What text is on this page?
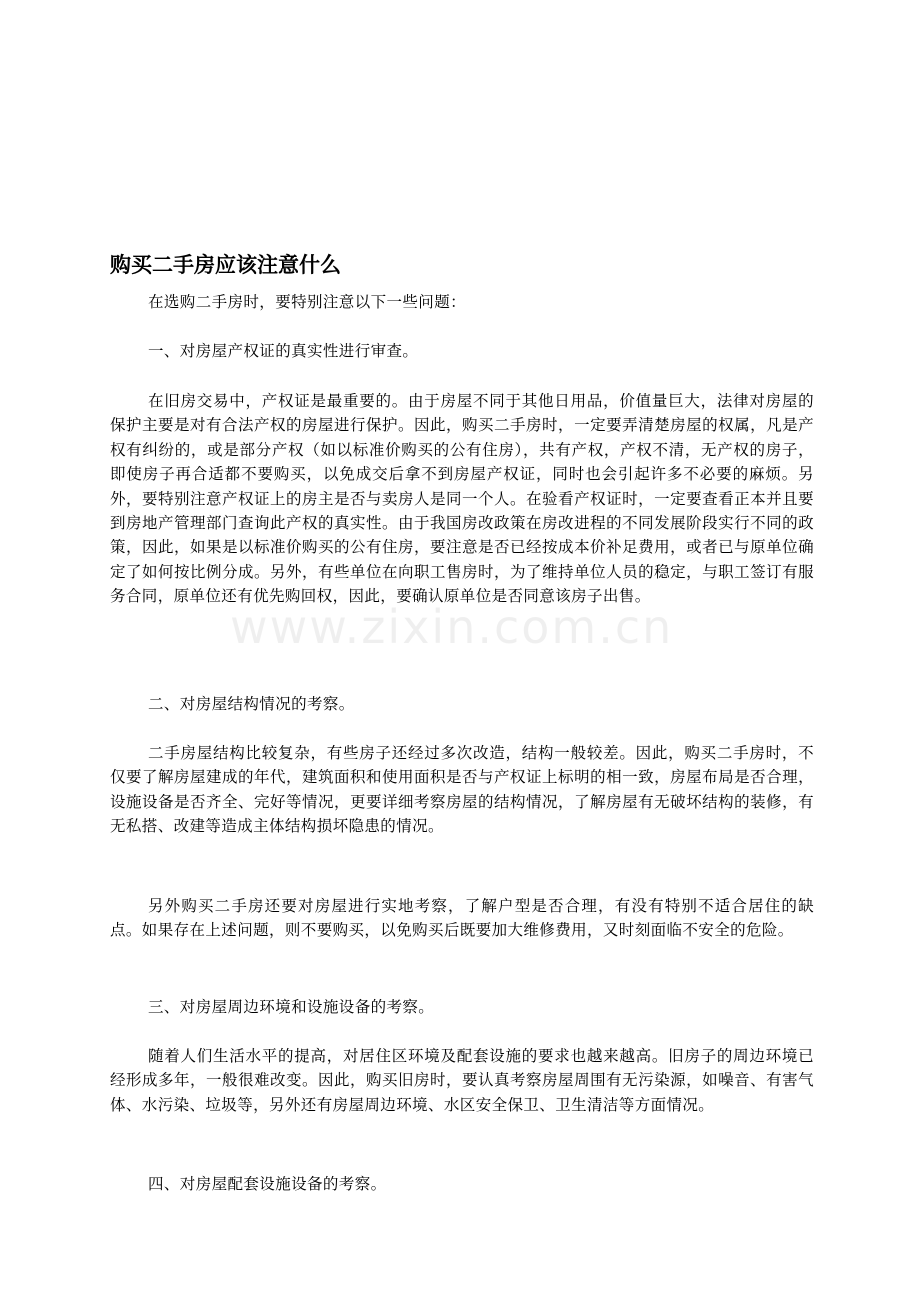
www.zixin.com.cn
购买二手房应该注意什么

在选购二手房时，要特别注意以下一些问题：

一、对房屋产权证的真实性进行审查。

在旧房交易中，产权证是最重要的。由于房屋不同于其他日用品，价值量巨大，法律对房屋的保护主要是对有合法产权的房屋进行保护。因此，购买二手房时，一定要弄清楚房屋的权属，凡是产权有纠纷的，或是部分产权（如以标准价购买的公有住房），共有产权，产权不清，无产权的房子，即使房子再合适都不要购买，以免成交后拿不到房屋产权证，同时也会引起许多不必要的麻烦。另外，要特别注意产权证上的房主是否与卖房人是同一个人。在验看产权证时，一定要查看正本并且要到房地产管理部门查询此产权的真实性。由于我国房改政策在房改进程的不同发展阶段实行不同的政策，因此，如果是以标准价购买的公有住房，要注意是否已经按成本价补足费用，或者已与原单位确定了如何按比例分成。另外，有些单位在向职工售房时，为了维持单位人员的稳定，与职工签订有服务合同，原单位还有优先购回权，因此，要确认原单位是否同意该房子出售。

二、对房屋结构情况的考察。

二手房屋结构比较复杂，有些房子还经过多次改造，结构一般较差。因此，购买二手房时，不仅要了解房屋建成的年代，建筑面积和使用面积是否与产权证上标明的相一致，房屋布局是否合理，设施设备是否齐全、完好等情况，更要详细考察房屋的结构情况，了解房屋有无破坏结构的装修，有无私搭、改建等造成主体结构损坏隐患的情况。

另外购买二手房还要对房屋进行实地考察，了解户型是否合理，有没有特别不适合居住的缺点。如果存在上述问题，则不要购买，以免购买后既要加大维修费用，又时刻面临不安全的危险。

三、对房屋周边环境和设施设备的考察。

随着人们生活水平的提高，对居住区环境及配套设施的要求也越来越高。旧房子的周边环境已经形成多年，一般很难改变。因此，购买旧房时，要认真考察房屋周围有无污染源，如噪音、有害气体、水污染、垃圾等，另外还有房屋周边环境、水区安全保卫、卫生清洁等方面情况。

四、对房屋配套设施设备的考察。
